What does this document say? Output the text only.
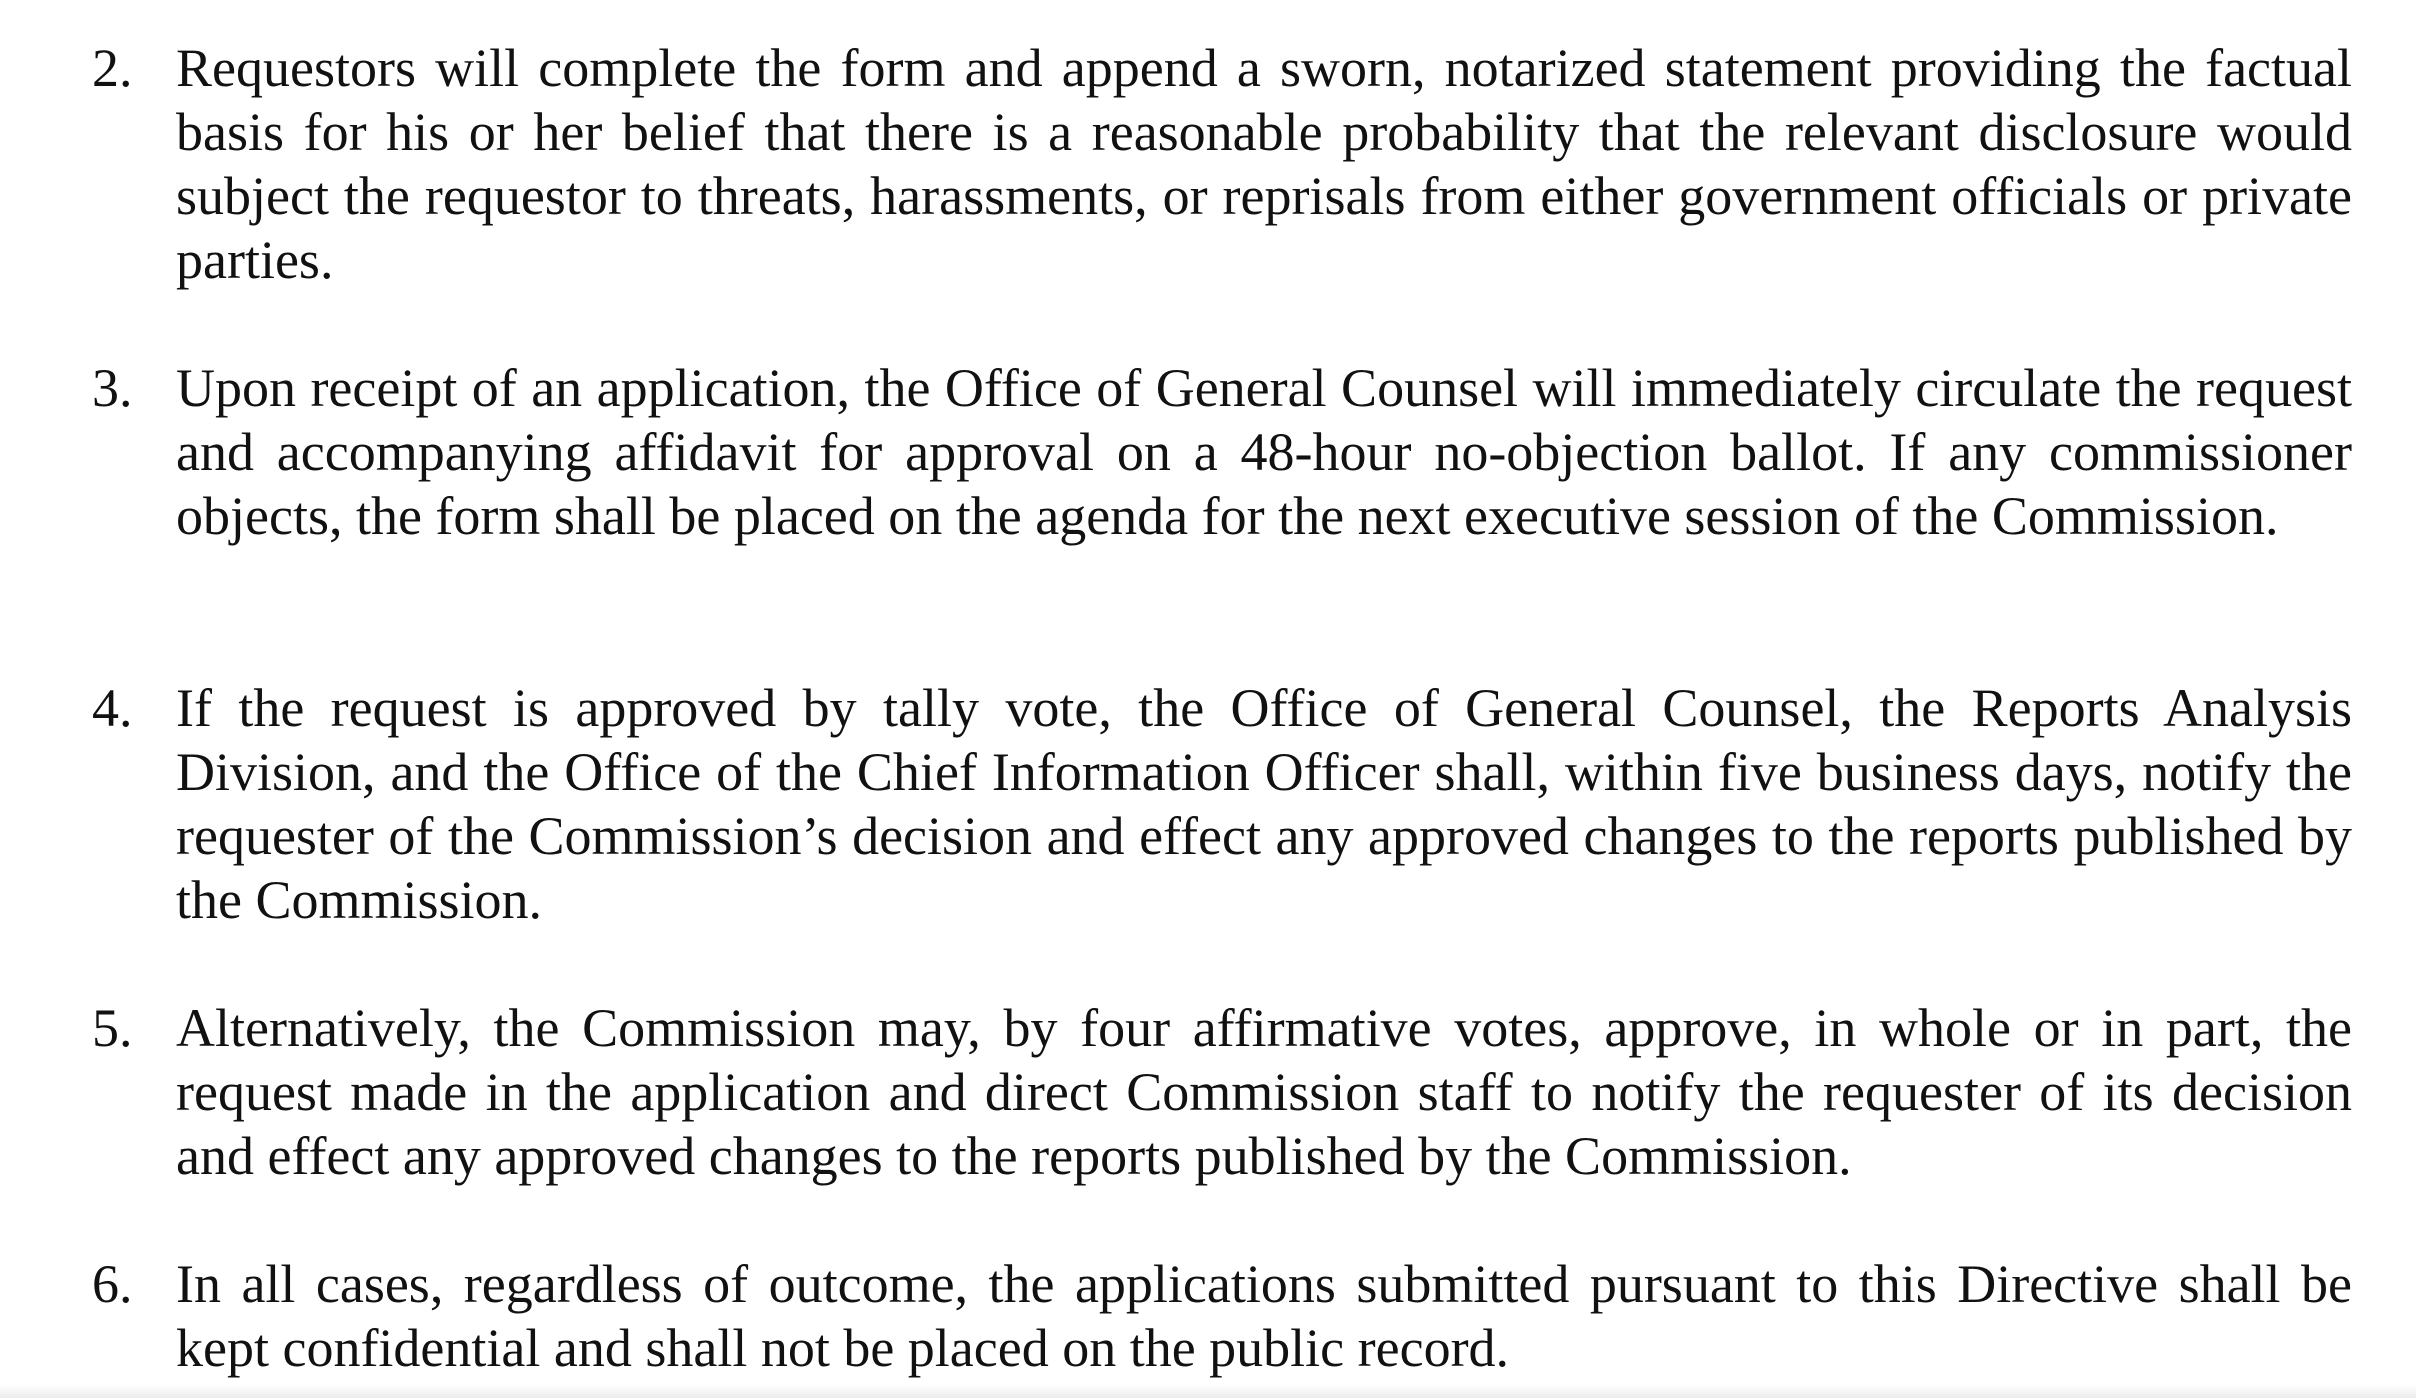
2. Requestors will complete the form and append a sworn, notarized statement providing the factual basis for his or her belief that there is a reasonable probability that the relevant disclosure would subject the requestor to threats, harassments, or reprisals from either government officials or private parties.
3. Upon receipt of an application, the Office of General Counsel will immediately circulate the request and accompanying affidavit for approval on a 48-hour no-objection ballot. If any commissioner objects, the form shall be placed on the agenda for the next executive session of the Commission.
4. If the request is approved by tally vote, the Office of General Counsel, the Reports Analysis Division, and the Office of the Chief Information Officer shall, within five business days, notify the requester of the Commission’s decision and effect any approved changes to the reports published by the Commission.
5. Alternatively, the Commission may, by four affirmative votes, approve, in whole or in part, the request made in the application and direct Commission staff to notify the requester of its decision and effect any approved changes to the reports published by the Commission.
6. In all cases, regardless of outcome, the applications submitted pursuant to this Directive shall be kept confidential and shall not be placed on the public record.
